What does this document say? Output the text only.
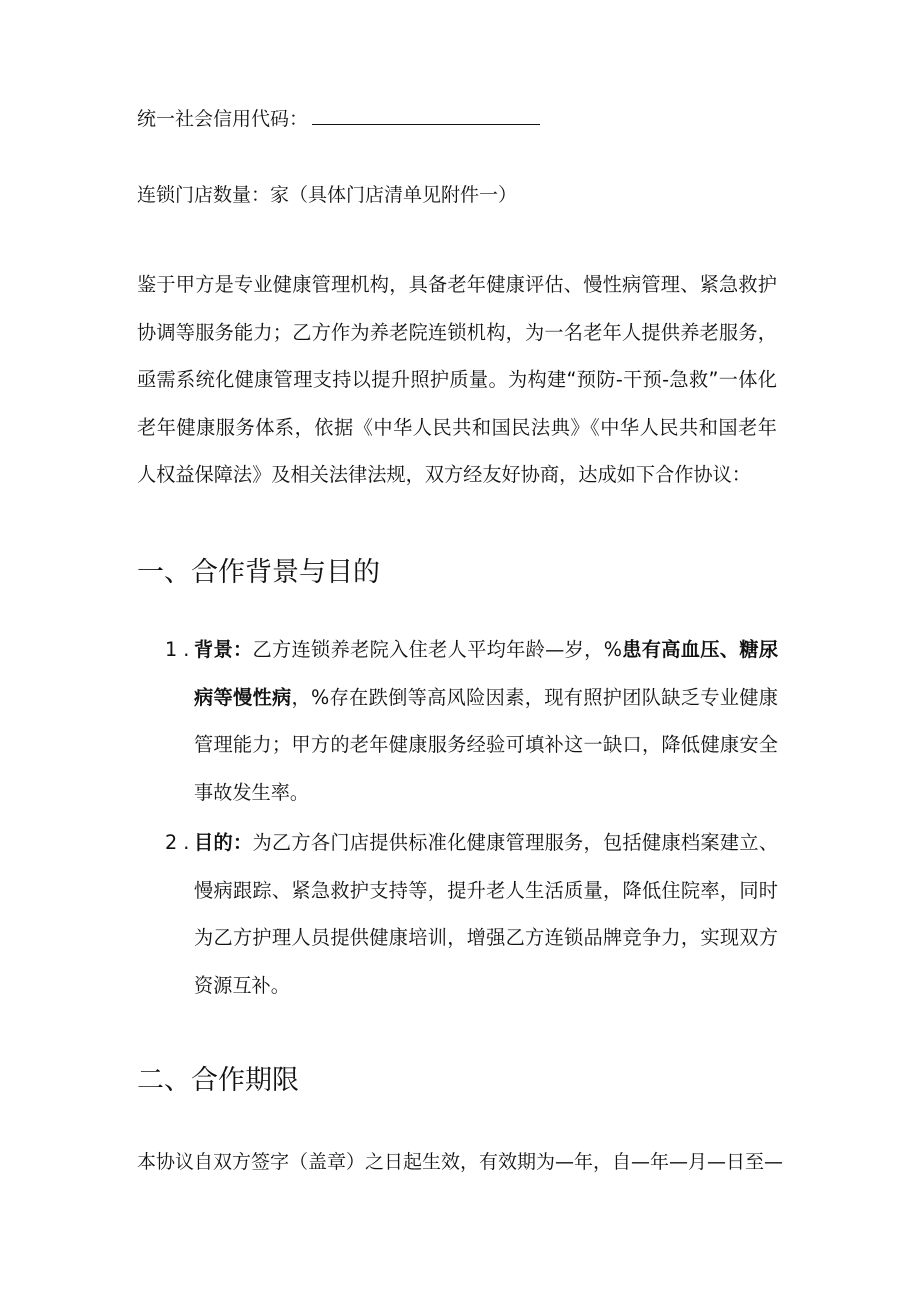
统一社会信用代码：
连锁门店数量：家（具体门店清单见附件一）
鉴于甲方是专业健康管理机构，具备老年健康评估、慢性病管理、紧急救护协调等服务能力；乙方作为养老院连锁机构，为一名老年人提供养老服务，亟需系统化健康管理支持以提升照护质量。为构建“预防-干预-急救”一体化老年健康服务体系，依据《中华人民共和国民法典》《中华人民共和国老年人权益保障法》及相关法律法规，双方经友好协商，达成如下合作协议：
一、合作背景与目的
1 . 背景：乙方连锁养老院入住老人平均年龄—岁，%患有高血压、糖尿病等慢性病，%存在跌倒等高风险因素，现有照护团队缺乏专业健康管理能力；甲方的老年健康服务经验可填补这一缺口，降低健康安全事故发生率。
2 . 目的：为乙方各门店提供标准化健康管理服务，包括健康档案建立、慢病跟踪、紧急救护支持等，提升老人生活质量，降低住院率，同时为乙方护理人员提供健康培训，增强乙方连锁品牌竞争力，实现双方资源互补。
二、合作期限
本协议自双方签字（盖章）之日起生效，有效期为—年，自—年—月—日至—
